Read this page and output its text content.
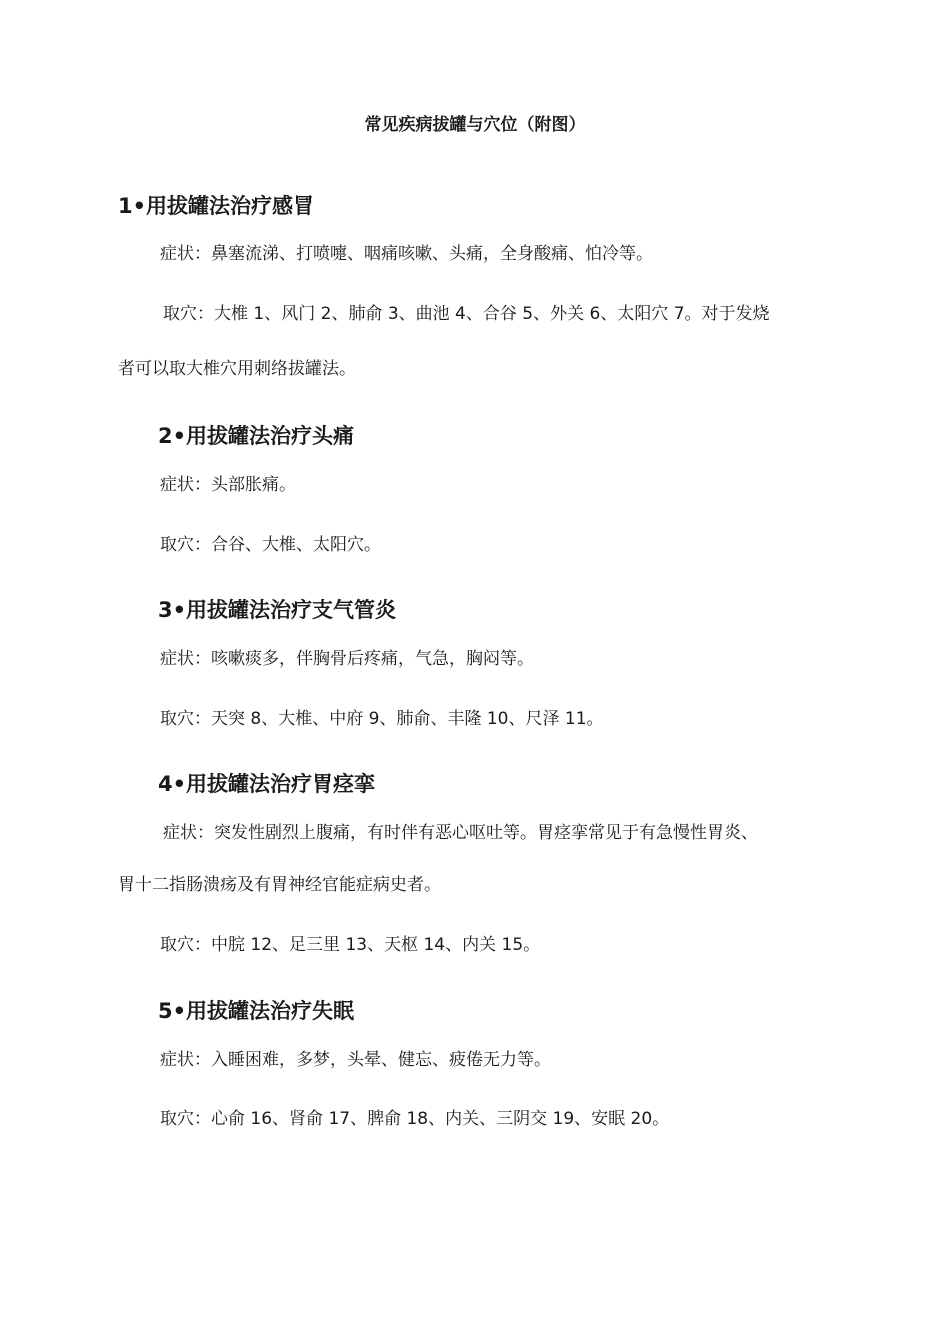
常见疾病拔罐与穴位（附图）
1•用拔罐法治疗感冒
症状：鼻塞流涕、打喷嚏、咽痛咳嗽、头痛，全身酸痛、怕冷等。
取穴：大椎 1、风门 2、肺俞 3、曲池 4、合谷 5、外关 6、太阳穴 7。对于发烧
者可以取大椎穴用刺络拔罐法。
2•用拔罐法治疗头痛
症状：头部胀痛。
取穴：合谷、大椎、太阳穴。
3•用拔罐法治疗支气管炎
症状：咳嗽痰多，伴胸骨后疼痛，气急，胸闷等。
取穴：天突 8、大椎、中府 9、肺俞、丰隆 10、尺泽 11。
4•用拔罐法治疗胃痉挛
症状：突发性剧烈上腹痛，有时伴有恶心呕吐等。胃痉挛常见于有急慢性胃炎、
胃十二指肠溃疡及有胃神经官能症病史者。
取穴：中脘 12、足三里 13、天枢 14、内关 15。
5•用拔罐法治疗失眠
症状：入睡困难，多梦，头晕、健忘、疲倦无力等。
取穴：心俞 16、肾俞 17、脾俞 18、内关、三阴交 19、安眠 20。
